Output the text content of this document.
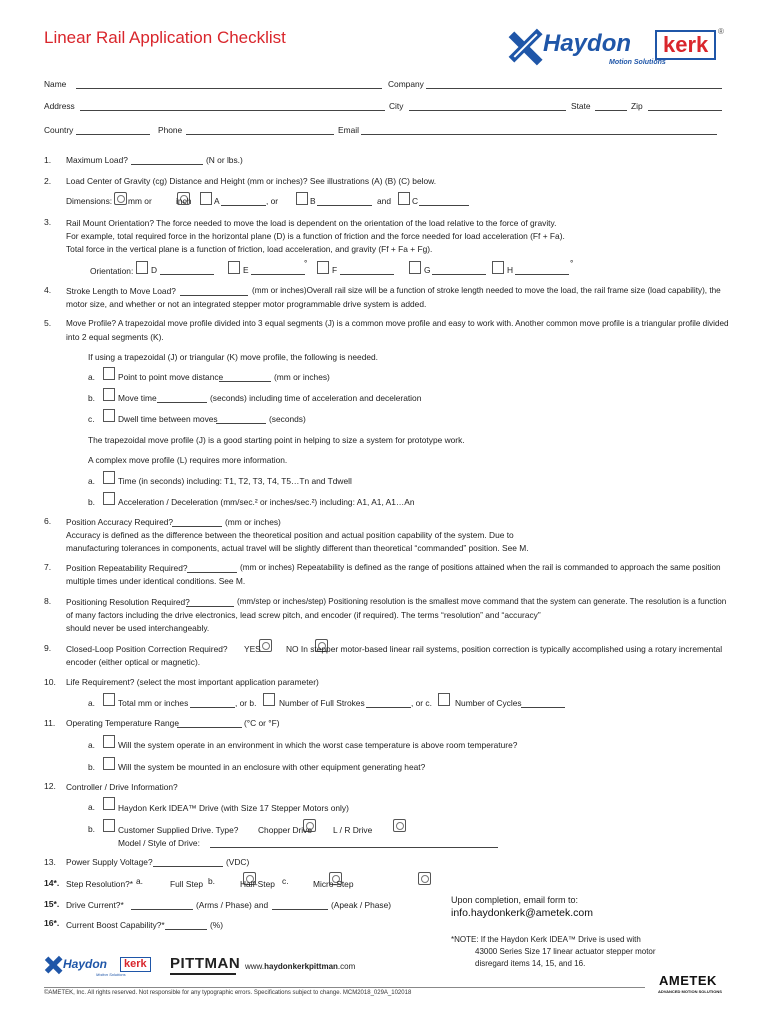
Linear Rail Application Checklist	Haydon	kerk
Motion Solutions
®
Name	Company
Address	City	State	Zip
Country	Phone	Email
1. Maximum Load?	(N or lbs.)
2. Load Center of Gravity (cg) Distance and Height (mm or inches)? See illustrations (A) (B) (C) below.
Dimensions:
mm or
	inch	A	, or	B	and	C
3. Rail Mount Orientation? The force needed to move the load is dependent on the orientation of the load relative to the force of gravity.
For example, total required force in the horizontal plane (D) is a function of friction and the force needed for load acceleration (Ff + Fa).
Total force in the vertical plane is a function of friction, load acceleration, and gravity (Ff + Fa + Fg).
Orientation: D	E
°
F	G	H
°
4. Stroke Length to Move Load?	(mm or inches)Overall rail size will be a function of stroke length needed to move the load, the rail frame size (load capability), the
motor size, and whether or not an integrated stepper motor programmable drive system is added.
5. Move Profile? A trapezoidal move profile divided into 3 equal segments (J) is a common move profile and easy to work with. Another common move profile is a triangular profile divided
into 2 equal segments (K).
If using a trapezoidal (J) or triangular (K) move profile, the following is needed.
a.	Point to point move distance	(mm or inches)
b.	Move time	(seconds) including time of acceleration and deceleration
c.	Dwell time between moves	(seconds)
The trapezoidal move profile (J) is a good starting point in helping to size a system for prototype work.
A complex move profile (L) requires more information.
a.	Time (in seconds) including: T1, T2, T3, T4, T5…Tn and Tdwell
b.	Acceleration / Deceleration (mm/sec.² or inches/sec.²) including: A1, A1, A1…An
6. Position Accuracy Required?	(mm or inches)
Accuracy is defined as the difference between the theoretical position and actual position capability of the system. Due to
manufacturing tolerances in components, actual travel will be slightly different than theoretical “commanded” position. See M.
7. Position Repeatability Required?	(mm or inches) Repeatability is defined as the range of positions attained when the rail is commanded to approach the same position
multiple times under identical conditions. See M.
8. Positioning Resolution Required?	(mm/step or inches/step) Positioning resolution is the smallest move command that the system can generate. The resolution is a function
of many factors including the drive electronics, lead screw pitch, and encoder (if required). The terms “resolution” and “accuracy”
should never be used interchangeably.
9. Closed-Loop Position Correction Required?
YES
	NO In stepper motor-based linear rail systems, position correction is typically accomplished using a rotary incremental
encoder (either optical or magnetic).
10. Life Requirement? (select the most important application parameter)
a.	Total mm or inches	, or b.	Number of Full Strokes	, or c.	Number of Cycles
11. Operating Temperature Range	(°C or °F)
a.	Will the system operate in an environment in which the worst case temperature is above room temperature?
b.	Will the system be mounted in an enclosure with other equipment generating heat?
12. Controller / Drive Information?
a.	Haydon Kerk IDEA™ Drive (with Size 17 Stepper Motors only)
b.	Customer Supplied Drive. Type?
Chopper Drive
	L / R Drive
Model / Style of Drive:
13. Power Supply Voltage?	(VDC)
14*. Step Resolution?* a.
	Full Step b.
	Half-Step c.	Micro-Step
15*. Drive Current?*	(Arms / Phase) and	(Apeak / Phase)
16*. Current Boost Capability?*	(%)
Upon completion, email form to:
info.haydonkerk@ametek.com
*NOTE: If the Haydon Kerk IDEA™ Drive is used with
43000 Series Size 17 linear actuator stepper motor
disregard items 14, 15, and 16.
Haydon	kerk
Motion Solutions
PITTMAN www.haydonkerkpittman.com
AMETEK
ADVANCED MOTION SOLUTIONS
©AMETEK, Inc. All rights reserved. Not responsible for any typographic errors. Specifications subject to change. MCM2018_029A_102018
